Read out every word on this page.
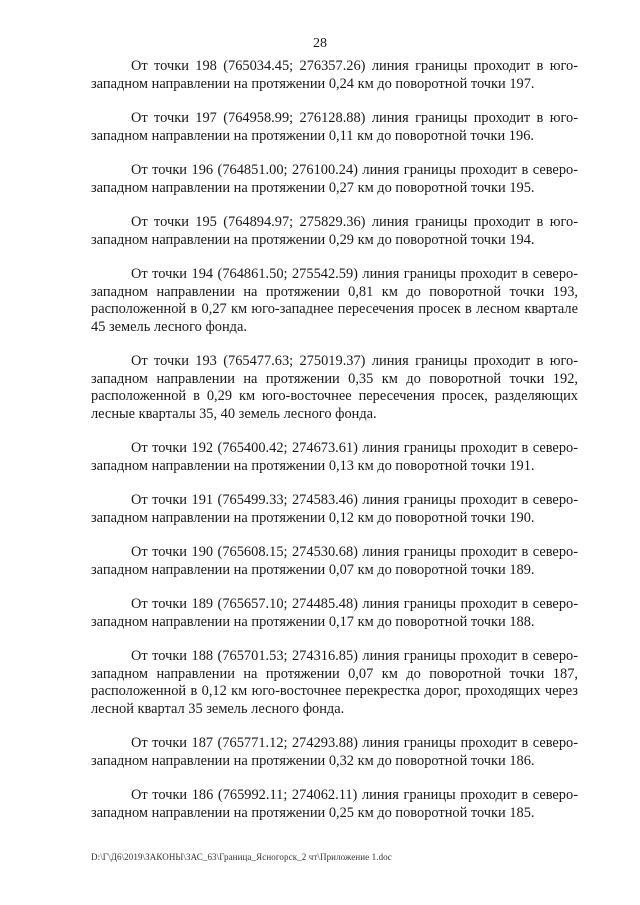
28

От точки 198 (765034.45; 276357.26) линия границы проходит в юго-западном направлении на протяжении 0,24 км до поворотной точки 197.

От точки 197 (764958.99; 276128.88) линия границы проходит в юго-западном направлении на протяжении 0,11 км до поворотной точки 196.

От точки 196 (764851.00; 276100.24) линия границы проходит в северо-западном направлении на протяжении 0,27 км до поворотной точки 195.

От точки 195 (764894.97; 275829.36) линия границы проходит в юго-западном направлении на протяжении 0,29 км до поворотной точки 194.

От точки 194 (764861.50; 275542.59) линия границы проходит в северо-западном направлении на протяжении 0,81 км до поворотной точки 193, расположенной в 0,27 км юго-западнее пересечения просек в лесном квартале 45 земель лесного фонда.

От точки 193 (765477.63; 275019.37) линия границы проходит в юго-западном направлении на протяжении 0,35 км до поворотной точки 192, расположенной в 0,29 км юго-восточнее пересечения просек, разделяющих лесные кварталы 35, 40 земель лесного фонда.

От точки 192 (765400.42; 274673.61) линия границы проходит в северо-западном направлении на протяжении 0,13 км до поворотной точки 191.

От точки 191 (765499.33; 274583.46) линия границы проходит в северо-западном направлении на протяжении 0,12 км до поворотной точки 190.

От точки 190 (765608.15; 274530.68) линия границы проходит в северо-западном направлении на протяжении 0,07 км до поворотной точки 189.

От точки 189 (765657.10; 274485.48) линия границы проходит в северо-западном направлении на протяжении 0,17 км до поворотной точки 188.

От точки 188 (765701.53; 274316.85) линия границы проходит в северо-западном направлении на протяжении 0,07 км до поворотной точки 187, расположенной в 0,12 км юго-восточнее перекрестка дорог, проходящих через лесной квартал 35 земель лесного фонда.

От точки 187 (765771.12; 274293.88) линия границы проходит в северо-западном направлении на протяжении 0,32 км до поворотной точки 186.

От точки 186 (765992.11; 274062.11) линия границы проходит в северо-западном направлении на протяжении 0,25 км до поворотной точки 185.

D:\Г\Д6\2019\ЗАКОНЫ\ЗАС_63\Граница_Ясногорск_2 чт\Приложение 1.doc
